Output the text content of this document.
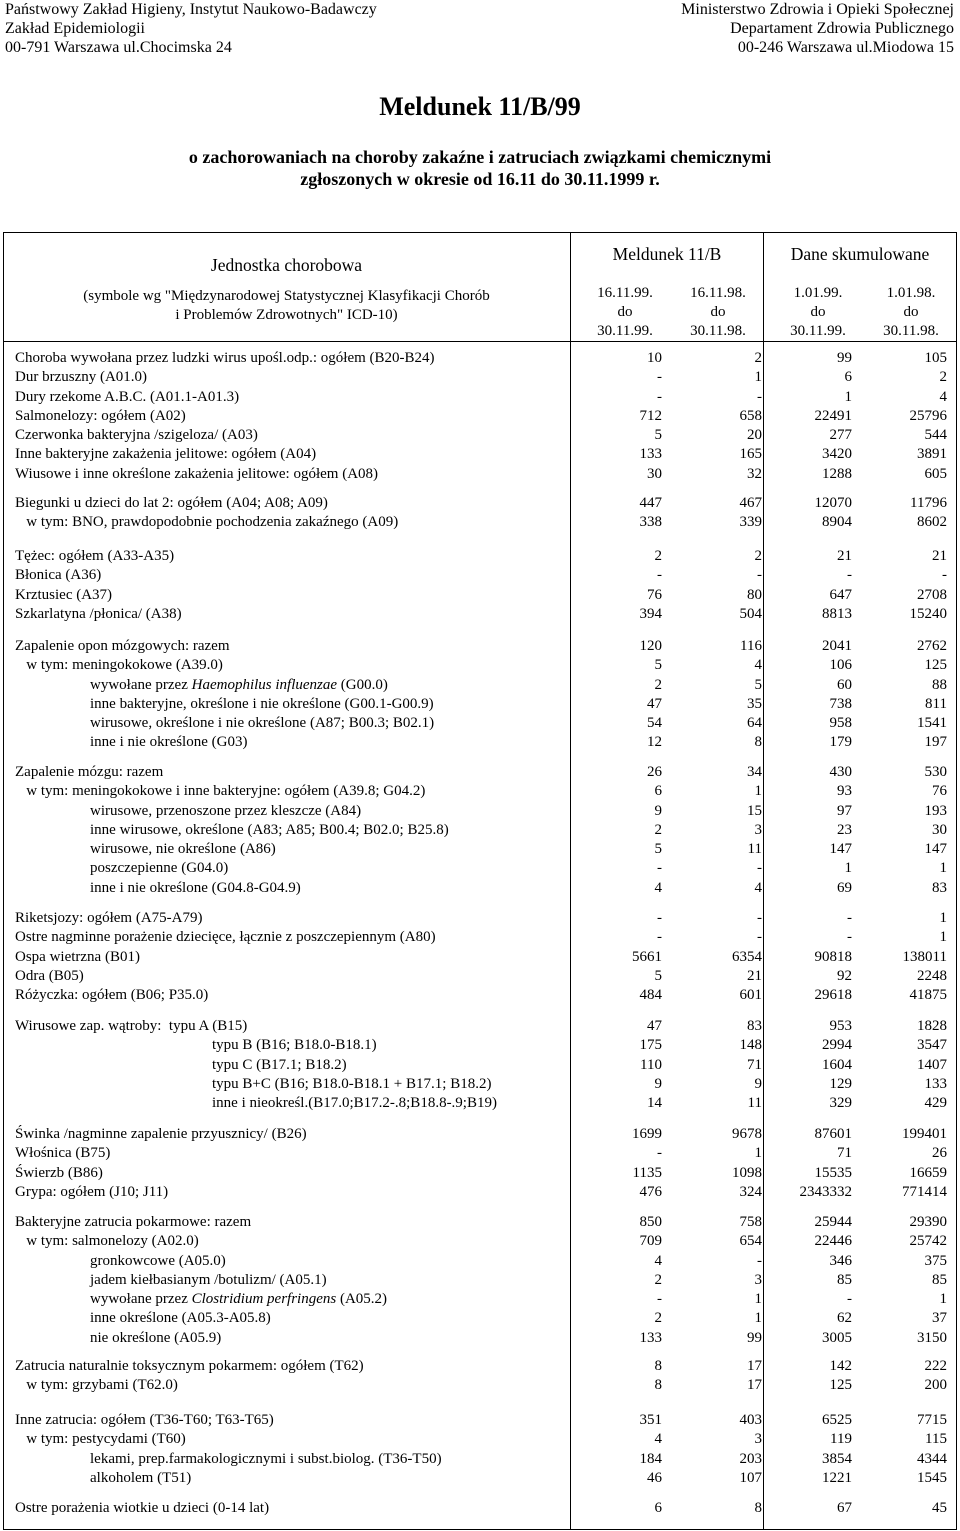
Państwowy Zakład Higieny, Instytut Naukowo-Badawczy
Zakład Epidemiologii
00-791 Warszawa ul.Chocimska 24
Ministerstwo Zdrowia i Opieki Społecznej
Departament Zdrowia Publicznego
00-246 Warszawa ul.Miodowa 15
Meldunek 11/B/99
o zachorowaniach na choroby zakaźne i zatruciach związkami chemicznymi
zgłoszonych w okresie od 16.11 do 30.11.1999 r.
Jednostka chorobowa
(symbole wg "Międzynarodowej Statystycznej Klasyfikacji Chorób
i Problemów Zdrowotnych" ICD-10)
Meldunek 11/B	Dane skumulowane
16.11.99.
do
30.11.99.
16.11.98.
do
30.11.98.
1.01.99.
do
30.11.99.
1.01.98.
do
30.11.98.
Choroba wywołana przez ludzki wirus upośl.odp.: ogółem (B20-B24)	10	2	99	105
Dur brzuszny (A01.0)	-	1	6	2
Dury rzekome A.B.C. (A01.1-A01.3)	-	-	1	4
Salmonelozy: ogółem (A02)	712	658	22491	25796
Czerwonka bakteryjna /szigeloza/ (A03)	5	20	277	544
Inne bakteryjne zakażenia jelitowe: ogółem (A04)	133	165	3420	3891
Wiusowe i inne określone zakażenia jelitowe: ogółem (A08)	30	32	1288	605
Biegunki u dzieci do lat 2: ogółem (A04; A08; A09)	447	467	12070	11796
w tym: BNO, prawdopodobnie pochodzenia zakaźnego (A09)	338	339	8904	8602
Tężec: ogółem (A33-A35)	2	2	21	21
Błonica (A36)	-	-	-	-
Krztusiec (A37)	76	80	647	2708
Szkarlatyna /płonica/ (A38)	394	504	8813	15240
Zapalenie opon mózgowych: razem	120	116	2041	2762
w tym: meningokokowe (A39.0)	5	4	106	125
wywołane przez Haemophilus influenzae (G00.0)	2	5	60	88
inne bakteryjne, określone i nie określone (G00.1-G00.9)	47	35	738	811
wirusowe, określone i nie określone (A87; B00.3; B02.1)	54	64	958	1541
inne i nie określone (G03)	12	8	179	197
Zapalenie mózgu: razem	26	34	430	530
w tym: meningokokowe i inne bakteryjne: ogółem (A39.8; G04.2)	6	1	93	76
wirusowe, przenoszone przez kleszcze (A84)	9	15	97	193
inne wirusowe, określone (A83; A85; B00.4; B02.0; B25.8)	2	3	23	30
wirusowe, nie określone (A86)	5	11	147	147
poszczepienne (G04.0)	-	-	1	1
inne i nie określone (G04.8-G04.9)	4	4	69	83
Riketsjozy: ogółem (A75-A79)	-	-	-	1
Ostre nagminne porażenie dziecięce, łącznie z poszczepiennym (A80)	-	-	-	1
Ospa wietrzna (B01)	5661	6354	90818	138011
Odra (B05)	5	21	92	2248
Różyczka: ogółem (B06; P35.0)	484	601	29618	41875
Wirusowe zap. wątroby:  typu A (B15)	47	83	953	1828
typu B (B16; B18.0-B18.1)	175	148	2994	3547
typu C (B17.1; B18.2)	110	71	1604	1407
typu B+C (B16; B18.0-B18.1 + B17.1; B18.2)	9	9	129	133
inne i nieokreśl.(B17.0;B17.2-.8;B18.8-.9;B19)	14	11	329	429
Świnka /nagminne zapalenie przyusznicy/ (B26)	1699	9678	87601	199401
Włośnica (B75)	-	1	71	26
Świerzb (B86)	1135	1098	15535	16659
Grypa: ogółem (J10; J11)	476	324	2343332	771414
Bakteryjne zatrucia pokarmowe: razem	850	758	25944	29390
w tym: salmonelozy (A02.0)	709	654	22446	25742
gronkowcowe (A05.0)	4	-	346	375
jadem kiełbasianym /botulizm/ (A05.1)	2	3	85	85
wywołane przez Clostridium perfringens (A05.2)	-	1	-	1
inne określone (A05.3-A05.8)	2	1	62	37
nie określone (A05.9)	133	99	3005	3150
Zatrucia naturalnie toksycznym pokarmem: ogółem (T62)	8	17	142	222
w tym: grzybami (T62.0)	8	17	125	200
Inne zatrucia: ogółem (T36-T60; T63-T65)	351	403	6525	7715
w tym: pestycydami (T60)	4	3	119	115
lekami, prep.farmakologicznymi i subst.biolog. (T36-T50)	184	203	3854	4344
alkoholem (T51)	46	107	1221	1545
Ostre porażenia wiotkie u dzieci (0-14 lat)	6	8	67	45
